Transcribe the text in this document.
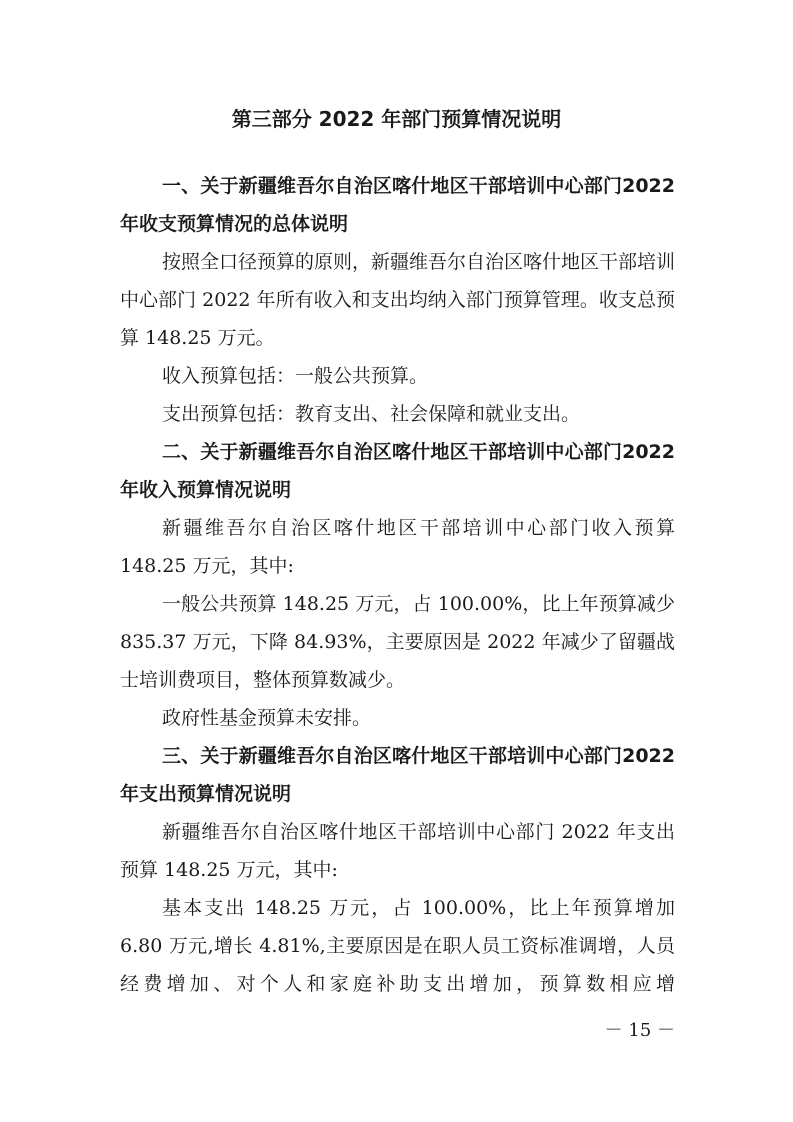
第三部分 2022 年部门预算情况说明
一、关于新疆维吾尔自治区喀什地区干部培训中心部门2022 年收支预算情况的总体说明

按照全口径预算的原则，新疆维吾尔自治区喀什地区干部培训中心部门 2022 年所有收入和支出均纳入部门预算管理。收支总预算 148.25 万元。

收入预算包括：一般公共预算。

支出预算包括：教育支出、社会保障和就业支出。

二、关于新疆维吾尔自治区喀什地区干部培训中心部门2022 年收入预算情况说明

新疆维吾尔自治区喀什地区干部培训中心部门收入预算 148.25 万元，其中:

一般公共预算 148.25 万元，占 100.00%，比上年预算减少 835.37 万元，下降 84.93%，主要原因是 2022 年减少了留疆战士培训费项目，整体预算数减少。

政府性基金预算未安排。

三、关于新疆维吾尔自治区喀什地区干部培训中心部门2022 年支出预算情况说明

新疆维吾尔自治区喀什地区干部培训中心部门 2022 年支出预算 148.25 万元，其中:

基本支出 148.25 万元，占 100.00%，比上年预算增加 6.80 万元,增长 4.81%,主要原因是在职人员工资标准调增，人员经费增加、对个人和家庭补助支出增加，预算数相应增

－ 15 －
